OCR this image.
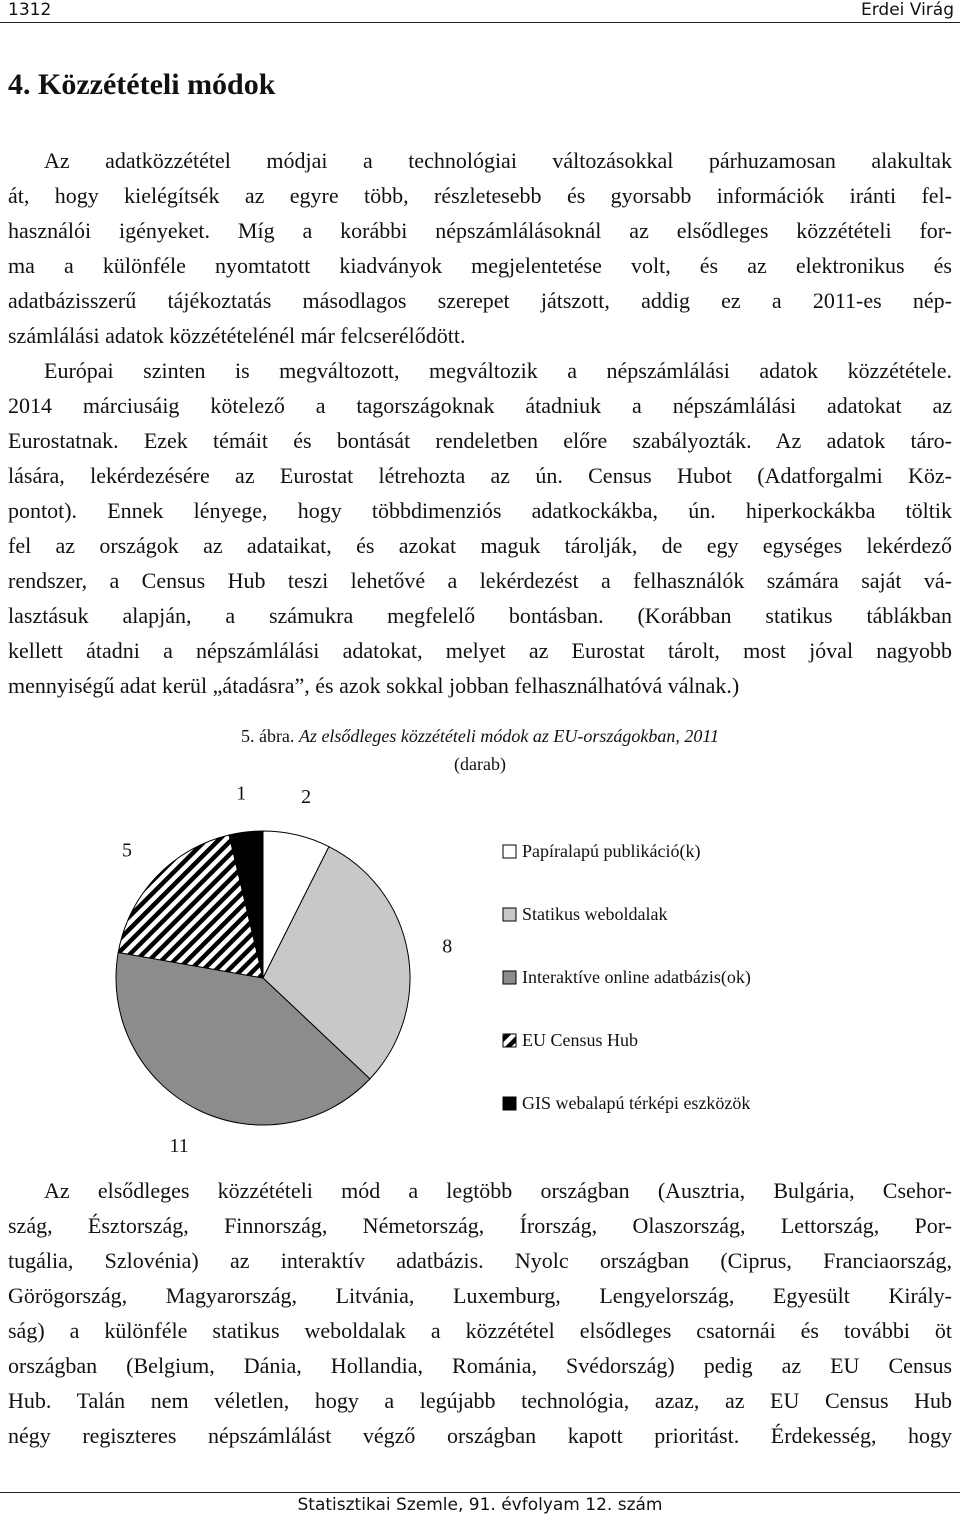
1312	Erdei Virág
4. Közzétételi módok
Az adatközzététel módjai a technológiai változásokkal párhuzamosan alakultak
át, hogy kielégítsék az egyre több, részletesebb és gyorsabb információk iránti fel-
használói igényeket. Míg a korábbi népszámlálásoknál az elsődleges közzétételi for-
ma a különféle nyomtatott kiadványok megjelentetése volt, és az elektronikus és
adatbázisszerű tájékoztatás másodlagos szerepet játszott, addig ez a 2011-es nép-
számlálási adatok közzétételénél már felcserélődött.
Európai szinten is megváltozott, megváltozik a népszámlálási adatok közzététele.
2014 márciusáig kötelező a tagországoknak átadniuk a népszámlálási adatokat az
Eurostatnak. Ezek témáit és bontását rendeletben előre szabályozták. Az adatok táro-
lására, lekérdezésére az Eurostat létrehozta az ún. Census Hubot (Adatforgalmi Köz-
pontot). Ennek lényege, hogy többdimenziós adatkockákba, ún. hiperkockákba töltik
fel az országok az adataikat, és azokat maguk tárolják, de egy egységes lekérdező
rendszer, a Census Hub teszi lehetővé a lekérdezést a felhasználók számára saját vá-
lasztásuk alapján, a számukra megfelelő bontásban. (Korábban statikus táblákban
kellett átadni a népszámlálási adatokat, melyet az Eurostat tárolt, most jóval nagyobb
mennyiségű adat kerül „átadásra”, és azok sokkal jobban felhasználhatóvá válnak.)
5. ábra. Az elsődleges közzétételi módok az EU-országokban, 2011
(darab)
2
8
11
5
1
Papíralapú publikáció(k)
Statikus weboldalak
Interaktíve online adatbázis(ok)
EU Census Hub
GIS webalapú térképi eszközök
Az elsődleges közzétételi mód a legtöbb országban (Ausztria, Bulgária, Csehor-
szág, Észtország, Finnország, Németország, Írország, Olaszország, Lettország, Por-
tugália, Szlovénia) az interaktív adatbázis. Nyolc országban (Ciprus, Franciaország,
Görögország, Magyarország, Litvánia, Luxemburg, Lengyelország, Egyesült Király-
ság) a különféle statikus weboldalak a közzététel elsődleges csatornái és további öt
országban (Belgium, Dánia, Hollandia, Románia, Svédország) pedig az EU Census
Hub. Talán nem véletlen, hogy a legújabb technológia, azaz, az EU Census Hub
négy regiszteres népszámlálást végző országban kapott prioritást. Érdekesség, hogy
Statisztikai Szemle, 91. évfolyam 12. szám
